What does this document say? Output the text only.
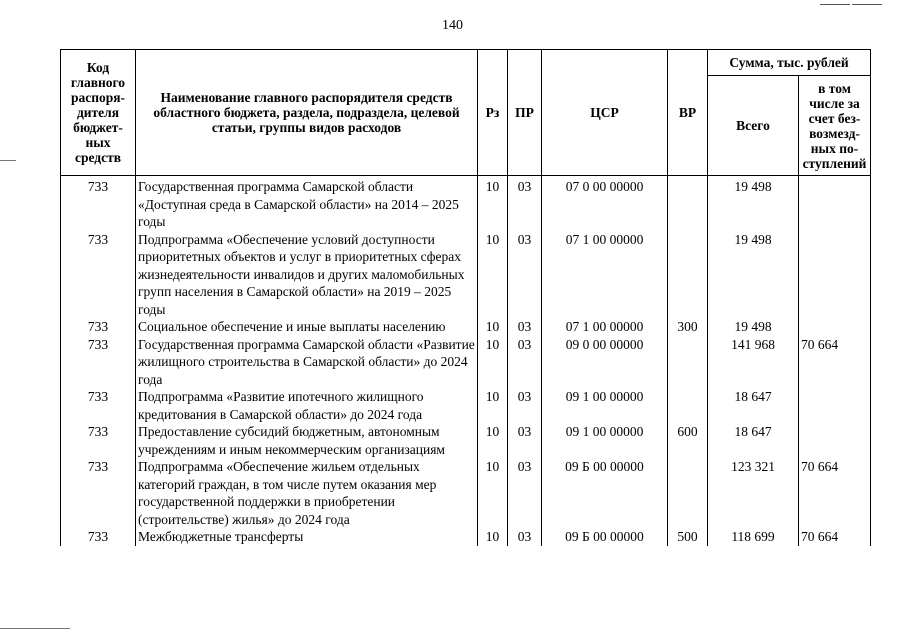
140
Код главного распоря-дителя бюджет-ных средств	Наименование главного распорядителя средств областного бюджета, раздела, подраздела, целевой статьи, группы видов расходов	Рз	ПР	ЦСР	ВР	Сумма, тыс. рублей	
						Всего	в том числе за счет без-возмезд-ных по-ступлений
733	Государственная программа Самарской области «Доступная среда в Самарской области» на 2014 – 2025 годы	10	03	07 0 00 00000		19 498	
733	Подпрограмма «Обеспечение условий доступности приоритетных объектов и услуг в приоритетных сферах жизнедеятельности инвалидов и других маломобильных групп населения в Самарской области» на 2019 – 2025 годы	10	03	07 1 00 00000		19 498	
733	Социальное обеспечение и иные выплаты населению	10	03	07 1 00 00000	300	19 498	
733	Государственная программа Самарской области «Развитие жилищного строительства в Самарской области» до 2024 года	10	03	09 0 00 00000		141 968	70 664
733	Подпрограмма «Развитие ипотечного жилищного кредитования в Самарской области» до 2024 года	10	03	09 1 00 00000		18 647	
733	Предоставление субсидий бюджетным, автономным учреждениям и иным некоммерческим организациям	10	03	09 1 00 00000	600	18 647	
733	Подпрограмма «Обеспечение жильем отдельных категорий граждан, в том числе путем оказания мер государственной поддержки в приобретении (строительстве) жилья» до 2024 года	10	03	09 Б 00 00000		123 321	70 664
733	Межбюджетные трансферты	10	03	09 Б 00 00000	500	118 699	70 664
